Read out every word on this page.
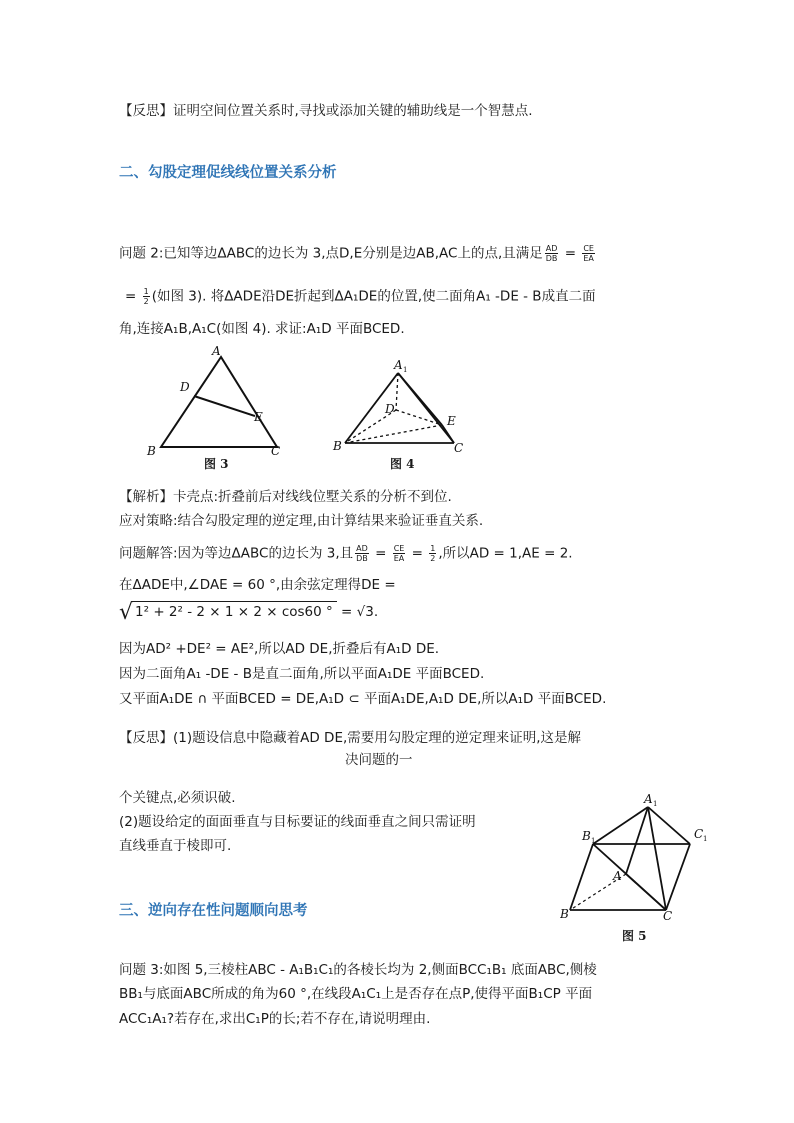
【反思】证明空间位置关系时,寻找或添加关键的辅助线是一个智慧点.
二、勾股定理促线线位置关系分析
问题 2:已知等边ΔABC的边长为 3,点D,E分别是边AB,AC上的点,且满足 $\frac{AD}{DB} = \frac{CE}{EA}$
= $\frac{1}{2}$ (如图 3). 将ΔADE沿DE折起到ΔA₁DE的位置,使二面角A₁ -DE - B成直二面
角,连接A₁B,A₁C(如图 4). 求证:A₁D 平面BCED.
A
D
E
B	C
图 3
A 1
D
E
B	C
图 4
【解析】卡壳点:折叠前后对线线位墅关系的分析不到位.
应对策略:结合勾股定理的逆定理,由计算结果来验证垂直关系.
问题解答:因为等边ΔABC的边长为 3,且 $\frac{AD}{DB} = \frac{CE}{EA} = \frac{1}{2}$ ,所以AD = 1,AE = 2.
在ΔADE中,∠DAE = 60 °,由余弦定理得DE =
√ 1² + 2² - 2 × 1 × 2 × cos60 ° = √3.
因为AD² +DE² = AE²,所以AD DE,折叠后有A₁D DE.
因为二面角A₁ -DE - B是直二面角,所以平面A₁DE 平面BCED.
又平面A₁DE ∩ 平面BCED = DE,A₁D ⊂ 平面A₁DE,A₁D DE,所以A₁D 平面BCED.
【反思】(1)题设信息中隐藏着AD DE,需要用勾股定理的逆定理来证明,这是解
决问题的一
个关键点,必须识破.
(2)题设给定的面面垂直与目标要证的线面垂直之间只需证明
直线垂直于棱即可.
A 1
B 1	C 1
A
B	C
图 5
三、逆向存在性问题顺向思考
问题 3:如图 5,三棱柱ABC - A₁B₁C₁的各棱长均为 2,侧面BCC₁B₁ 底面ABC,侧棱
BB₁与底面ABC所成的角为60 °,在线段A₁C₁上是否存在点P,使得平面B₁CP 平面
ACC₁A₁?若存在,求出C₁P的长;若不存在,请说明理由.
